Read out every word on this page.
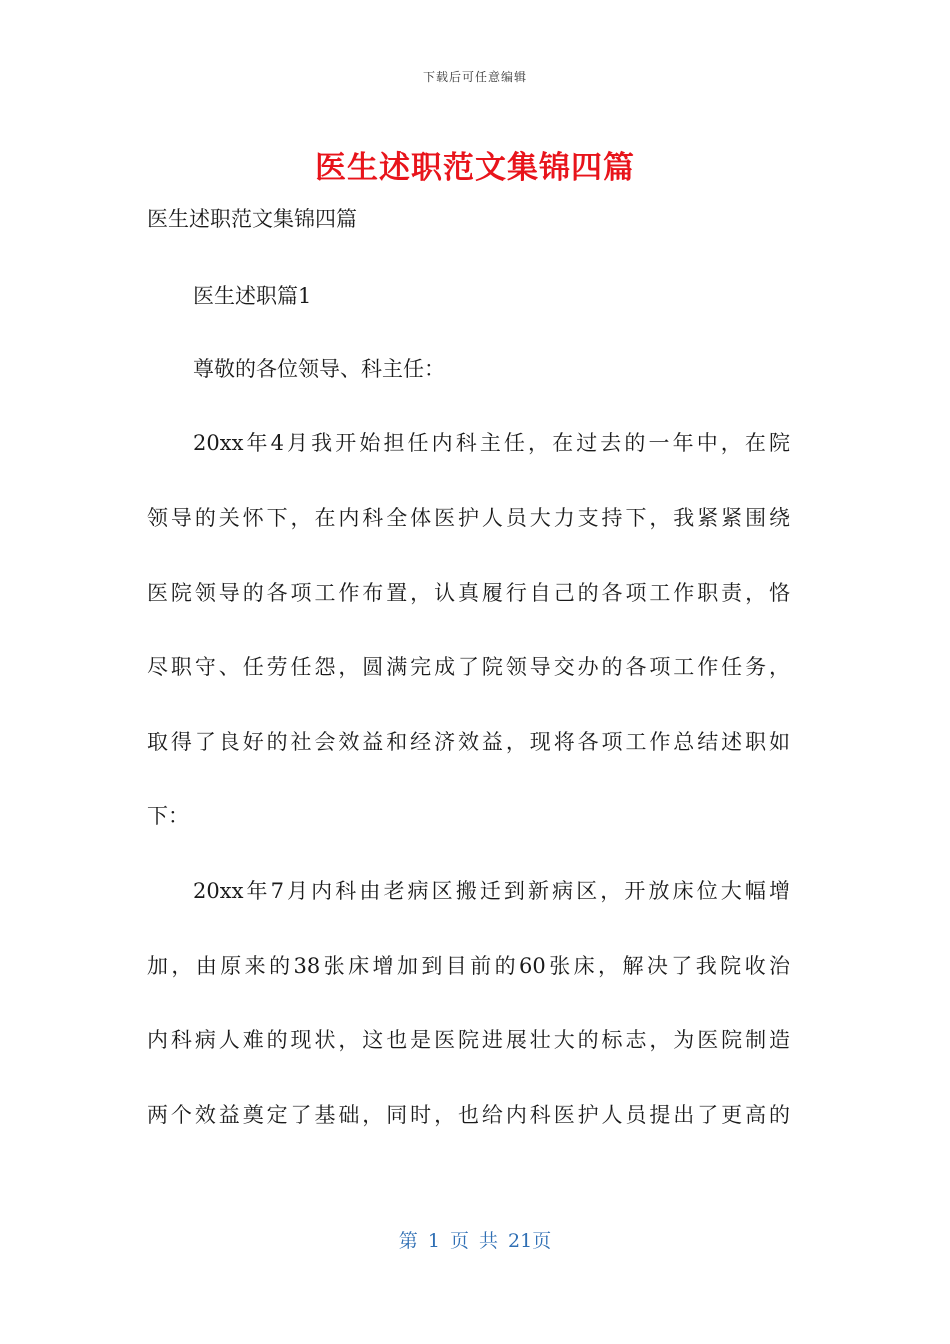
下载后可任意编辑
医生述职范文集锦四篇
医生述职范文集锦四篇
医生述职篇1
尊敬的各位领导、科主任：
20xx年4月我开始担任内科主任，在过去的一年中，在院
领导的关怀下，在内科全体医护人员大力支持下，我紧紧围绕
医院领导的各项工作布置，认真履行自己的各项工作职责，恪
尽职守、任劳任怨，圆满完成了院领导交办的各项工作任务，
取得了良好的社会效益和经济效益，现将各项工作总结述职如
下：
20xx年7月内科由老病区搬迁到新病区，开放床位大幅增
加，由原来的38张床增加到目前的60张床，解决了我院收治
内科病人难的现状，这也是医院进展壮大的标志，为医院制造
两个效益奠定了基础，同时，也给内科医护人员提出了更高的
第 1 页 共 21页
